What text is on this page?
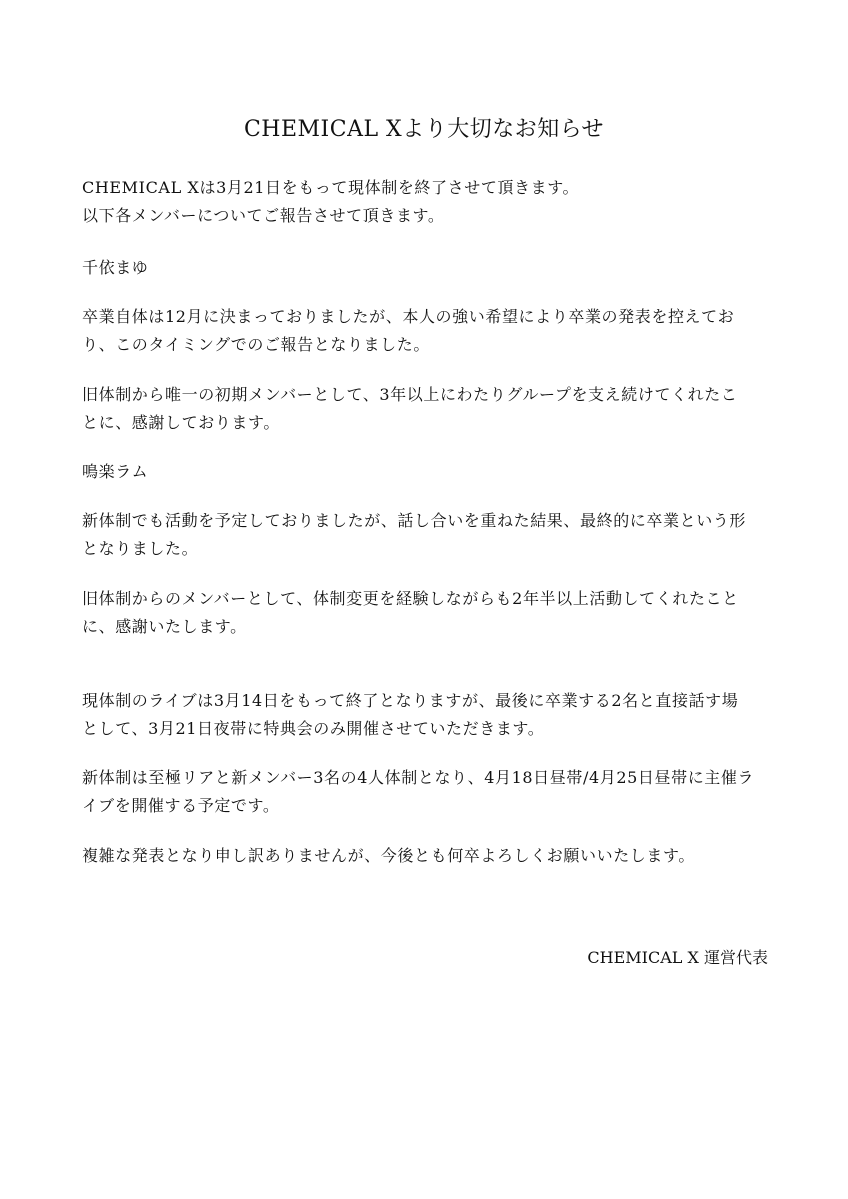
CHEMICAL Xより大切なお知らせ
CHEMICAL Xは3月21日をもって現体制を終了させて頂きます。
以下各メンバーについてご報告させて頂きます。
千依まゆ
卒業自体は12月に決まっておりましたが、本人の強い希望により卒業の発表を控えてお
り、このタイミングでのご報告となりました。
旧体制から唯一の初期メンバーとして、3年以上にわたりグループを支え続けてくれたこ
とに、感謝しております。
鳴楽ラム
新体制でも活動を予定しておりましたが、話し合いを重ねた結果、最終的に卒業という形
となりました。
旧体制からのメンバーとして、体制変更を経験しながらも2年半以上活動してくれたこと
に、感謝いたします。
現体制のライブは3月14日をもって終了となりますが、最後に卒業する2名と直接話す場
として、3月21日夜帯に特典会のみ開催させていただきます。
新体制は至極リアと新メンバー3名の4人体制となり、4月18日昼帯/4月25日昼帯に主催ラ
イブを開催する予定です。
複雑な発表となり申し訳ありませんが、今後とも何卒よろしくお願いいたします。
CHEMICAL X 運営代表
